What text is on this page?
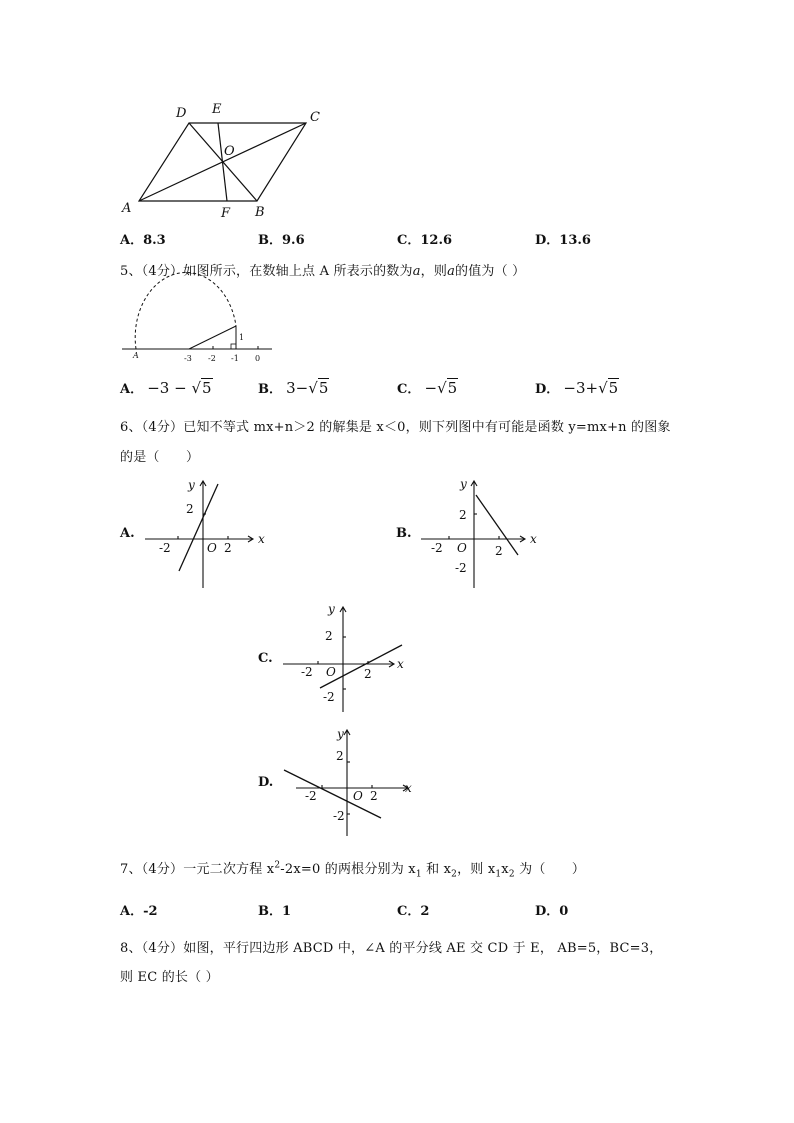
A	B
C
D E
F
O
A．8.3	B．9.6	C．12.6	D．13.6
5、（4分）如图所示，在数轴上点 A 所表示的数为a，则a的值为（ ）
A	-3 -2 -1 0
1
A． −3 − √5	B． 3−√5	C． −√5	D． −3+√5
6、（4分）已知不等式 mx+n＞2 的解集是 x＜0，则下列图中有可能是函数 y=mx+n 的图象
的是（　　）
A.	B.
C.
D.
x
y
O
2
-2	2
x
y
O
2
-2
-2
2
x
y
O
2
-2
-2
2
x
y
O
2
-2
-2
2
7、（4分）一元二次方程 $x^2-2x=0$ 的两根分别为 $x_1$ 和 $x_2$，则 $x_1x_2$ 为（　　）
A．-2	B．1	C．2	D．0
8、（4分）如图，平行四边形 ABCD 中，∠A 的平分线 AE 交 CD 于 E， AB=5，BC=3，
则 EC 的长（ ）
